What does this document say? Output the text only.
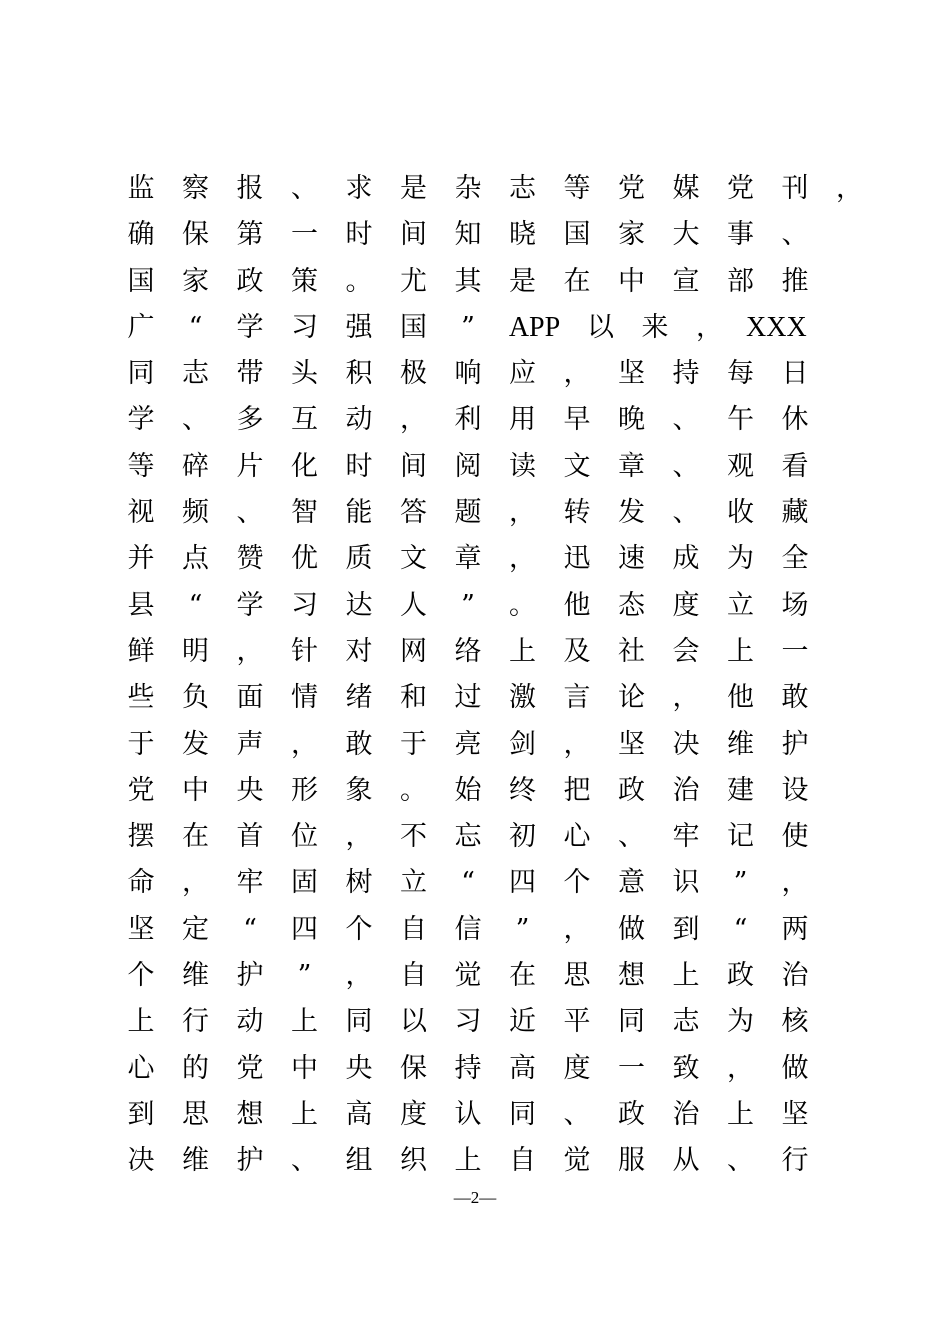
监 察 报 、 求 是 杂 志 等 党 媒 党 刊 ，
确 保 第 一 时 间 知 晓 国 家 大 事 、
国 家 政 策 。 尤 其 是 在 中 宣 部 推
广	“	学 习 强 国	”	APP 以 来 ， XXX
同 志 带 头 积 极 响 应 ， 坚 持 每 日
学 、 多 互 动 ， 利 用 早 晚 、 午 休
等 碎 片 化 时 间 阅 读 文 章 、 观 看
视 频 、 智 能 答 题 ， 转 发 、 收 藏
并 点 赞 优 质 文 章 ， 迅 速 成 为 全
县	“	学 习 达 人	”	。 他 态 度 立 场
鲜 明 ， 针 对 网 络 上 及 社 会 上 一
些 负 面 情 绪 和 过 激 言 论 ， 他 敢
于 发 声 ， 敢 于 亮 剑 ， 坚 决 维 护
党 中 央 形 象 。 始 终 把 政 治 建 设
摆 在 首 位 ， 不 忘 初 心 、 牢 记 使
命 ， 牢 固 树 立	“	四 个 意 识	”	，
坚 定	“	四 个 自 信	”	， 做 到	“	两
个 维 护	”	， 自 觉 在 思 想 上 政 治
上 行 动 上 同 以 习 近 平 同 志 为 核
心 的 党 中 央 保 持 高 度 一 致 ， 做
到 思 想 上 高 度 认 同 、 政 治 上 坚
决 维 护 、 组 织 上 自 觉 服 从 、 行
—2—
